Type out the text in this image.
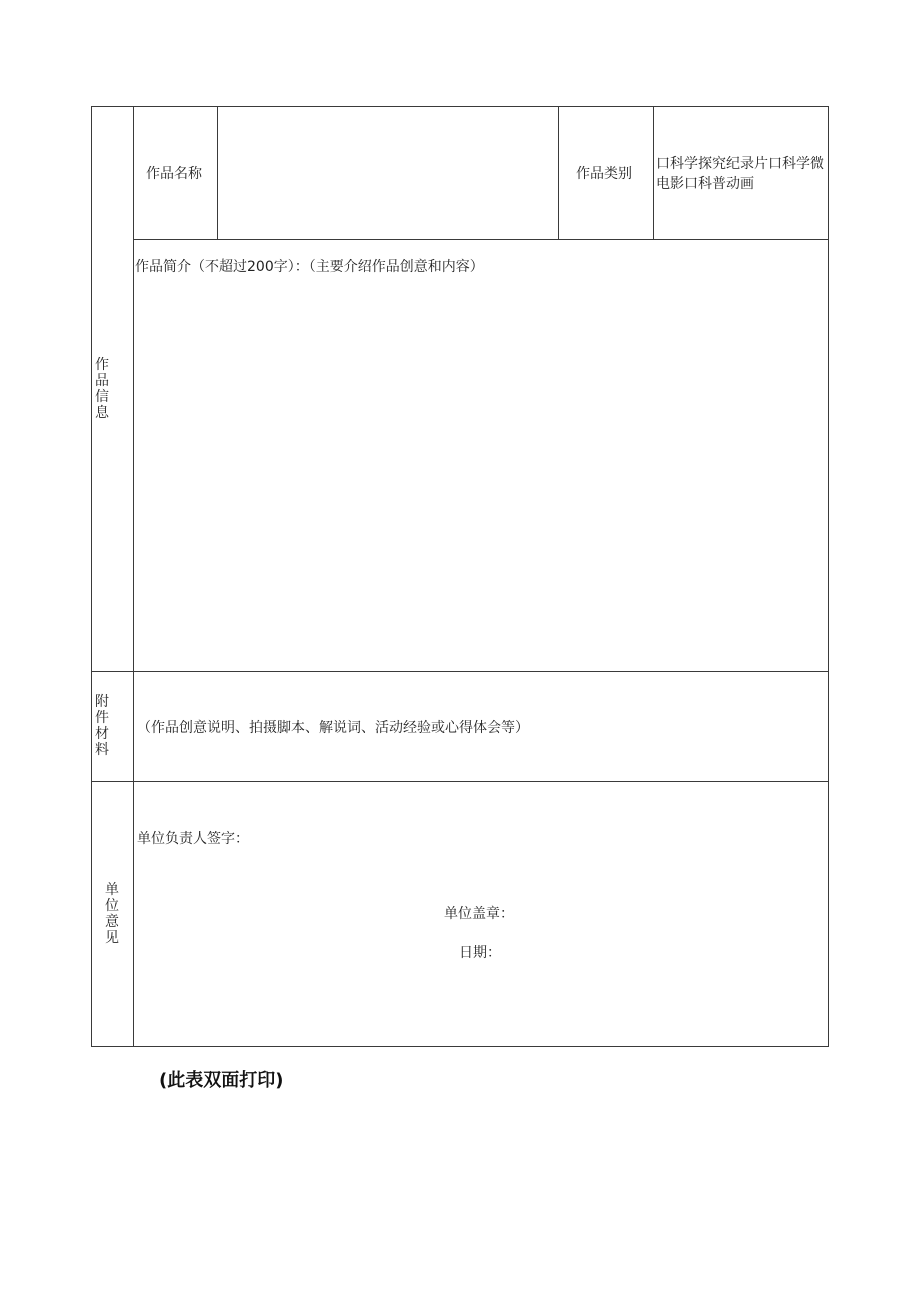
作品信息
附件材料
单位意见
作品名称	作品类别
口科学探究纪录片口科学微电影口科普动画
作品简介（不超过200字）：（主要介绍作品创意和内容）
（作品创意说明、拍摄脚本、解说词、活动经验或心得体会等）
单位负责人签字：
单位盖章：
日期：
(此表双面打印)
